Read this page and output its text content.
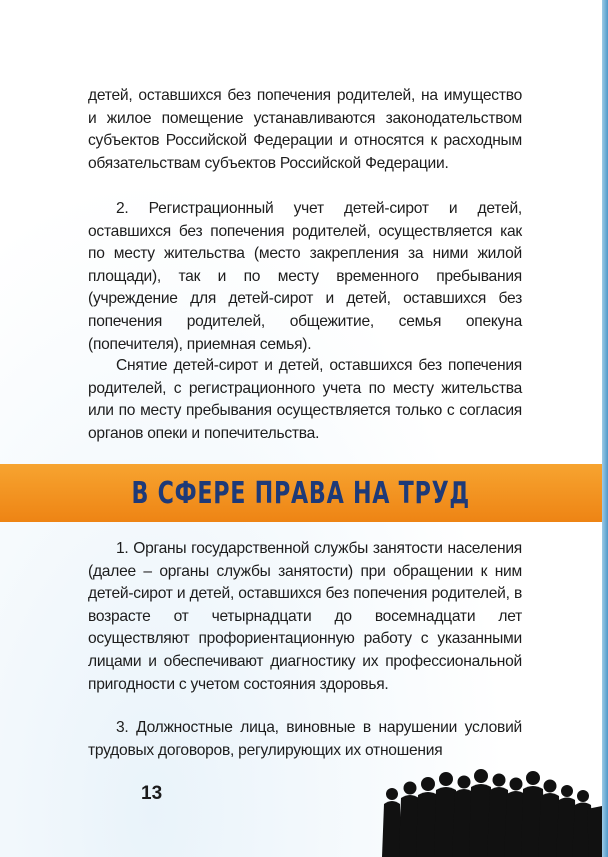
детей, оставшихся без попечения родителей, на имущество и жилое помещение устанавливаются законодательством субъектов Российской Федерации и относятся к расходным обязательствам субъектов Российской Федерации.

2. Регистрационный учет детей-сирот и детей, оставшихся без попечения родителей, осуществляется как по месту жительства (место закрепления за ними жилой площади), так и по месту временного пребывания (учреждение для детей-сирот и детей, оставшихся без попечения родителей, общежитие, семья опекуна (попечителя), приемная семья).

Снятие детей-сирот и детей, оставшихся без попечения родителей, с регистрационного учета по месту жительства или по месту пребывания осуществляется только с согласия органов опеки и попечительства.

В СФЕРЕ ПРАВА НА ТРУД

1. Органы государственной службы занятости населения (далее – органы службы занятости) при обращении к ним детей-сирот и детей, оставшихся без попечения родителей, в возрасте от четырнадцати до восемнадцати лет осуществляют профориентационную работу с указанными лицами и обеспечивают диагностику их профессиональной пригодности с учетом состояния здоровья.

3. Должностные лица, виновные в нарушении условий трудовых договоров, регулирующих их отношения

13
